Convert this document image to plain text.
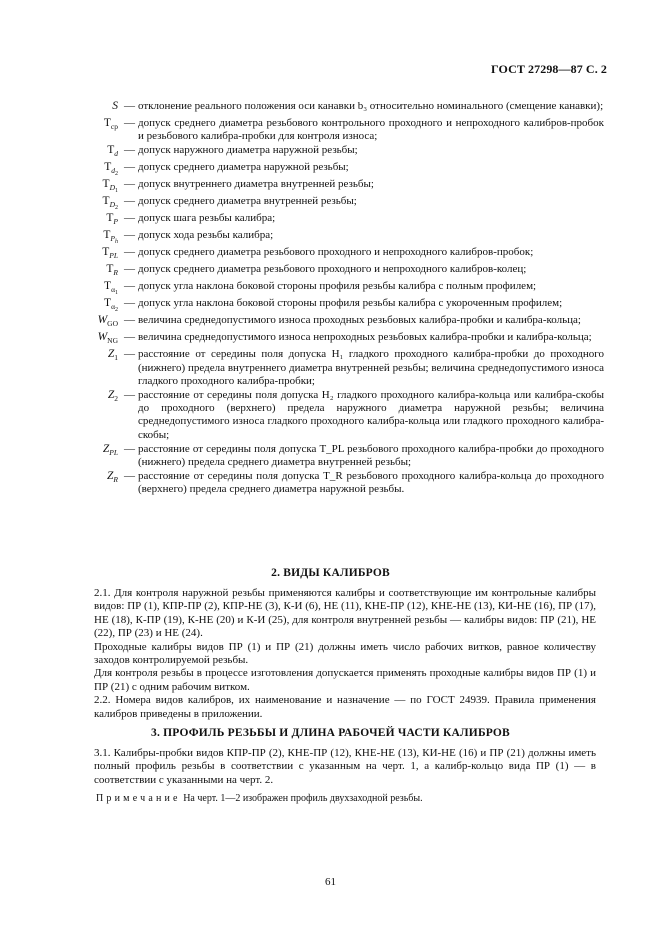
ГОСТ 27298—87 С. 2
S — отклонение реального положения оси канавки b₃ относительно номинального (смещение канавки);
$T_{ср}$ — допуск среднего диаметра резьбового контрольного проходного и непроходного калибров-пробок и резьбового калибра-пробки для контроля износа;
$T_d$ — допуск наружного диаметра наружной резьбы;
$T_{d_2}$
— допуск среднего диаметра наружной резьбы;
$T_{D_1}$
— допуск внутреннего диаметра внутренней резьбы;
$T_{D_2}$
— допуск среднего диаметра внутренней резьбы;
$T_P$ — допуск шага резьбы калибра;
$T_{P_h}$
— допуск хода резьбы калибра;
$T_{PL}$ — допуск среднего диаметра резьбового проходного и непроходного калибров-пробок;
$T_R$ — допуск среднего диаметра резьбового проходного и непроходного калибров-колец;
$T_{\alpha_1}$
— допуск угла наклона боковой стороны профиля резьбы калибра с полным профилем;
$T_{\alpha_2}$
— допуск угла наклона боковой стороны профиля резьбы калибра с укороченным профилем;
$W_{GO}$ — величина среднедопустимого износа проходных резьбовых калибра-пробки и калибра-кольца;
$W_{NG}$ — величина среднедопустимого износа непроходных резьбовых калибра-пробки и калибра-кольца;
$Z_1$ — расстояние от середины поля допуска H₁ гладкого проходного калибра-пробки до проходного (нижнего) предела внутреннего диаметра внутренней резьбы; величина среднедопустимого износа гладкого проходного калибра-пробки;
$Z_2$ — расстояние от середины поля допуска H₂ гладкого проходного калибра-кольца или калибра-скобы до проходного (верхнего) предела наружного диаметра наружной резьбы; величина среднедопустимого износа гладкого проходного калибра-кольца или гладкого проходного калибра-скобы;
$Z_{PL}$ — расстояние от середины поля допуска T_PL резьбового проходного калибра-пробки до проходного (нижнего) предела среднего диаметра внутренней резьбы;
$Z_R$ — расстояние от середины поля допуска T_R резьбового проходного калибра-кольца до проходного (верхнего) предела среднего диаметра наружной резьбы.
2. ВИДЫ КАЛИБРОВ
2.1. Для контроля наружной резьбы применяются калибры и соответствующие им контрольные калибры видов: ПР (1), КПР-ПР (2), КПР-НЕ (3), К-И (6), НЕ (11), КНЕ-ПР (12), КНЕ-НЕ (13), КИ-НЕ (16), ПР (17), НЕ (18), К-ПР (19), К-НЕ (20) и К-И (25), для контроля внутренней резьбы — калибры видов: ПР (21), НЕ (22), ПР (23) и НЕ (24).
Проходные калибры видов ПР (1) и ПР (21) должны иметь число рабочих витков, равное количеству заходов контролируемой резьбы.
Для контроля резьбы в процессе изготовления допускается применять проходные калибры видов ПР (1) и ПР (21) с одним рабочим витком.
2.2. Номера видов калибров, их наименование и назначение — по ГОСТ 24939. Правила применения калибров приведены в приложении.
3. ПРОФИЛЬ РЕЗЬБЫ И ДЛИНА РАБОЧЕЙ ЧАСТИ КАЛИБРОВ
3.1. Калибры-пробки видов КПР-ПР (2), КНЕ-ПР (12), КНЕ-НЕ (13), КИ-НЕ (16) и ПР (21) должны иметь полный профиль резьбы в соответствии с указанным на черт. 1, а калибр-кольцо вида ПР (1) — в соответствии с указанными на черт. 2.
Примечание На черт. 1—2 изображен профиль двухзаходной резьбы.
61
